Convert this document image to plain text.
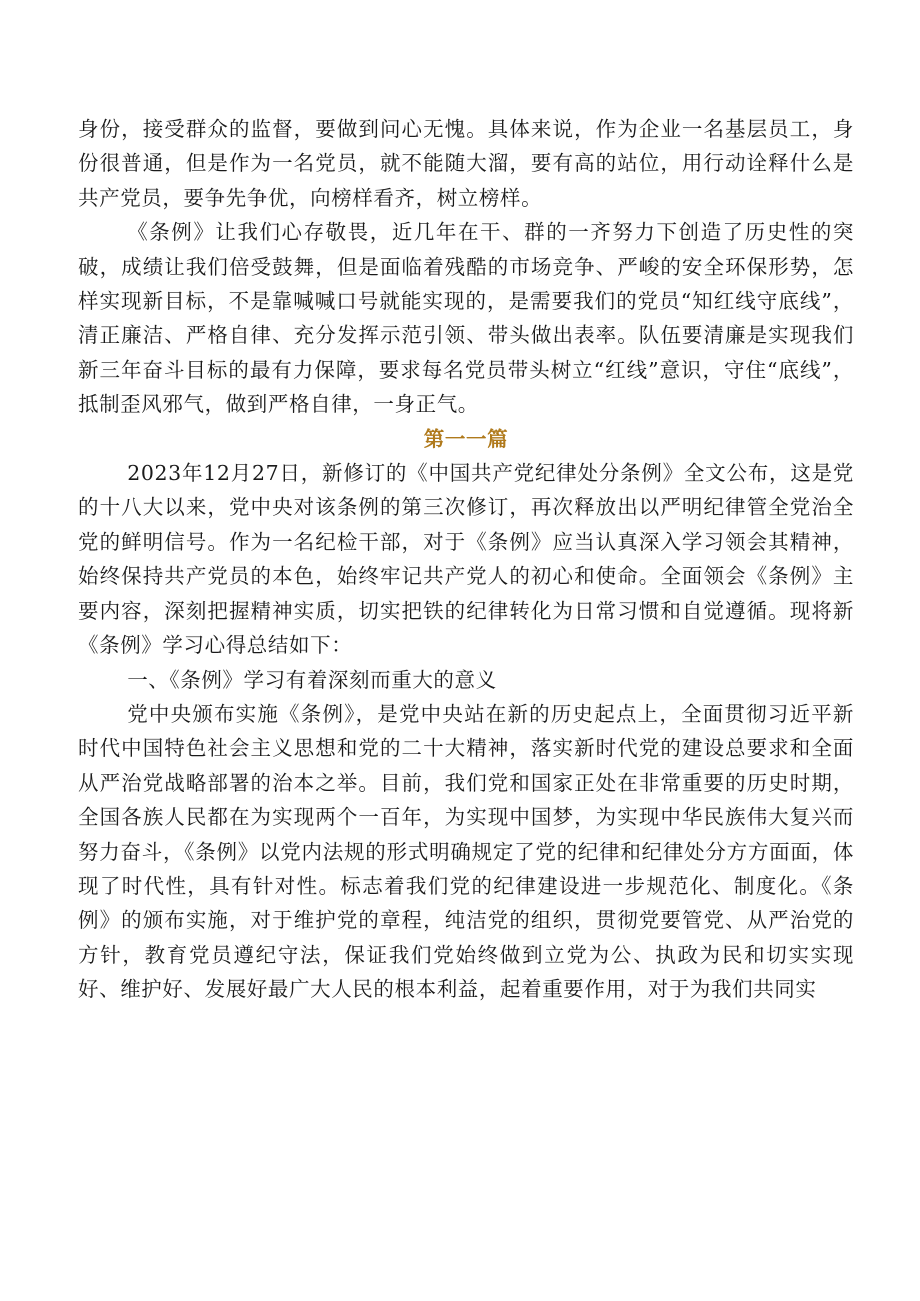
身份，接受群众的监督，要做到问心无愧。具体来说，作为企业一名基层员工，身份很普通，但是作为一名党员，就不能随大溜，要有高的站位，用行动诠释什么是共产党员，要争先争优，向榜样看齐，树立榜样。

《条例》让我们心存敬畏，近几年在干、群的一齐努力下创造了历史性的突破，成绩让我们倍受鼓舞，但是面临着残酷的市场竞争、严峻的安全环保形势，怎样实现新目标，不是靠喊喊口号就能实现的，是需要我们的党员“知红线守底线”，清正廉洁、严格自律、充分发挥示范引领、带头做出表率。队伍要清廉是实现我们新三年奋斗目标的最有力保障，要求每名党员带头树立“红线”意识，守住“底线”，抵制歪风邪气，做到严格自律，一身正气。

第一一篇

2023年12月27日，新修订的《中国共产党纪律处分条例》全文公布，这是党的十八大以来，党中央对该条例的第三次修订，再次释放出以严明纪律管全党治全党的鲜明信号。作为一名纪检干部，对于《条例》应当认真深入学习领会其精神，始终保持共产党员的本色，始终牢记共产党人的初心和使命。全面领会《条例》主要内容，深刻把握精神实质，切实把铁的纪律转化为日常习惯和自觉遵循。现将新《条例》学习心得总结如下：

一、《条例》学习有着深刻而重大的意义

党中央颁布实施《条例》，是党中央站在新的历史起点上，全面贯彻习近平新时代中国特色社会主义思想和党的二十大精神，落实新时代党的建设总要求和全面从严治党战略部署的治本之举。目前，我们党和国家正处在非常重要的历史时期，全国各族人民都在为实现两个一百年，为实现中国梦，为实现中华民族伟大复兴而努力奋斗，《条例》以党内法规的形式明确规定了党的纪律和纪律处分方方面面，体现了时代性，具有针对性。标志着我们党的纪律建设进一步规范化、制度化。《条例》的颁布实施，对于维护党的章程，纯洁党的组织，贯彻党要管党、从严治党的方针，教育党员遵纪守法，保证我们党始终做到立党为公、执政为民和切实实现好、维护好、发展好最广大人民的根本利益，起着重要作用，对于为我们共同实
